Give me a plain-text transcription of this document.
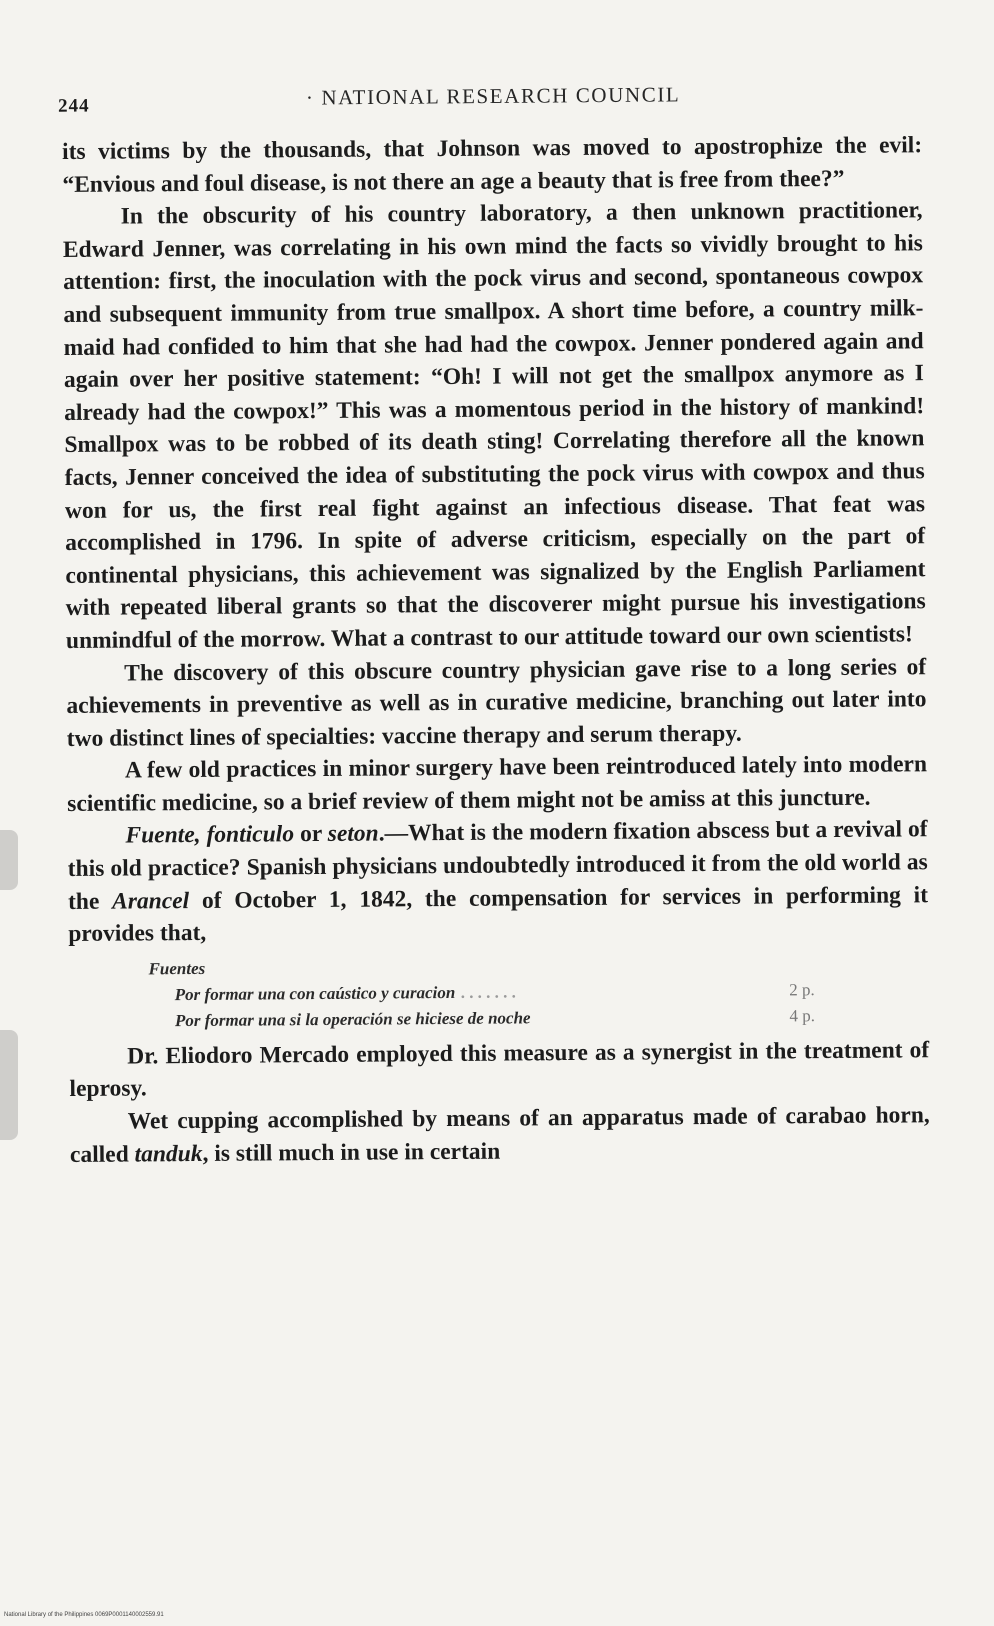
244	· NATIONAL RESEARCH COUNCIL

its victims by the thousands, that Johnson was moved to apostrophize the evil: “Envious and foul disease, is not there an age a beauty that is free from thee?”

In the obscurity of his country laboratory, a then unknown practitioner, Edward Jenner, was correlating in his own mind the facts so vividly brought to his attention: first, the inoculation with the pock virus and second, spontaneous cowpox and subsequent immunity from true smallpox. A short time before, a country milk-maid had confided to him that she had had the cowpox. Jenner pondered again and again over her positive statement: “Oh! I will not get the smallpox anymore as I already had the cowpox!” This was a momentous period in the history of mankind! Smallpox was to be robbed of its death sting! Correlating therefore all the known facts, Jenner conceived the idea of substituting the pock virus with cowpox and thus won for us, the first real fight against an infectious disease. That feat was accomplished in 1796. In spite of adverse criticism, especially on the part of continental physicians, this achievement was signalized by the English Parliament with repeated liberal grants so that the discoverer might pursue his investigations unmindful of the morrow. What a contrast to our attitude toward our own scientists!

The discovery of this obscure country physician gave rise to a long series of achievements in preventive as well as in curative medicine, branching out later into two distinct lines of specialties: vaccine therapy and serum therapy.

A few old practices in minor surgery have been reintroduced lately into modern scientific medicine, so a brief review of them might not be amiss at this juncture.

Fuente, fonticulo or seton.—What is the modern fixation abscess but a revival of this old practice? Spanish physicians undoubtedly introduced it from the old world as the Arancel of October 1, 1842, the compensation for services in performing it provides that,

Fuentes
Por formar una con caústico y curacion . . . . . . .	2 p.
Por formar una si la operación se hiciese de noche	4 p.

Dr. Eliodoro Mercado employed this measure as a synergist in the treatment of leprosy.

Wet cupping accomplished by means of an apparatus made of carabao horn, called tanduk, is still much in use in certain

National Library of the Philippines 0069P0001140002559.91
